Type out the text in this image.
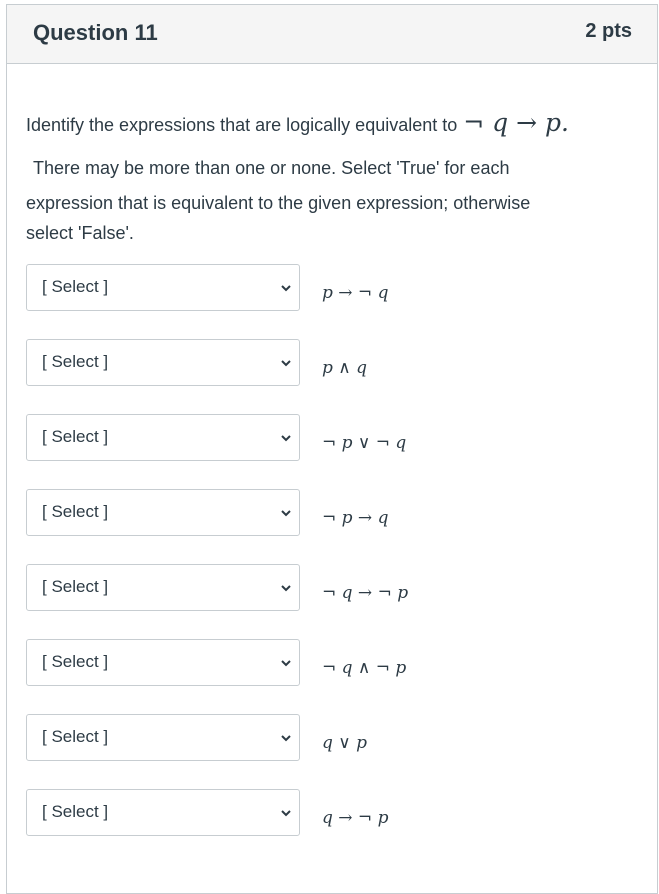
Question 11	2 pts
Identify the expressions that are logically equivalent to ¬ q → p.
There may be more than one or none. Select 'True' for each
expression that is equivalent to the given expression; otherwise
select 'False'.
[ Select ]	p → ¬ q
[ Select ]	p ∧ q
[ Select ]	¬ p ∨ ¬ q
[ Select ]	¬ p → q
[ Select ]	¬ q → ¬ p
[ Select ]	¬ q ∧ ¬ p
[ Select ]	q ∨ p
[ Select ]	q → ¬ p
